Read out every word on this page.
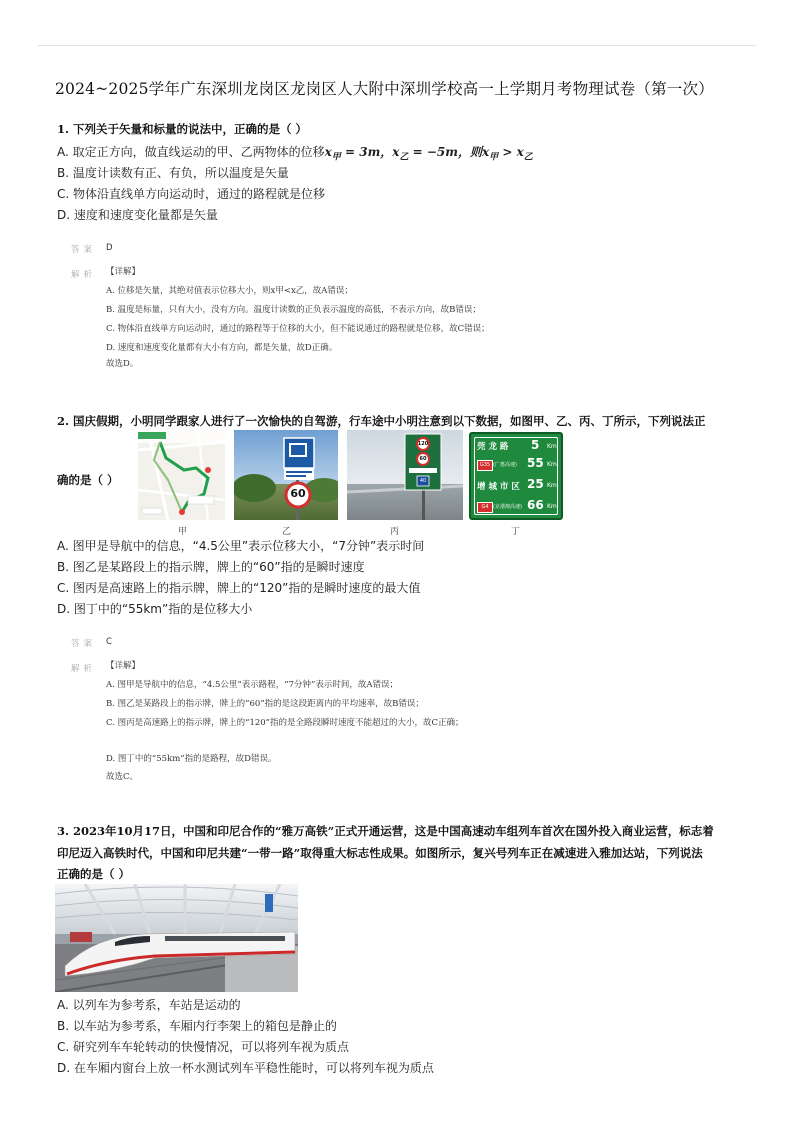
2024~2025学年广东深圳龙岗区龙岗区人大附中深圳学校高一上学期月考物理试卷（第一次）
1. 下列关于矢量和标量的说法中，正确的是（ ）
A. 取定正方向，做直线运动的甲、乙两物体的位移$x_甲 = 3m$，$x_乙 = -5m$，则$x_甲 > x_乙$
B. 温度计读数有正、有负，所以温度是矢量
C. 物体沿直线单方向运动时，通过的路程就是位移
D. 速度和速度变化量都是矢量
答案 D
解析 【详解】
A. 位移是矢量，其绝对值表示位移大小，则x甲<x乙，故A错误；
B. 温度是标量，只有大小，没有方向。温度计读数的正负表示温度的高低，不表示方向，故B错误；
C. 物体沿直线单方向运动时，通过的路程等于位移的大小，但不能说通过的路程就是位移，故C错误；
D. 速度和速度变化量都有大小有方向，都是矢量，故D正确。
故选D。
2. 国庆假期，小明同学跟家人进行了一次愉快的自驾游，行车途中小明注意到以下数据，如图甲、乙、丙、丁所示，下列说法正
确的是（ ）
甲
60
乙
120
60
40
丙
莞 龙 路	5 Km
G35 (广惠高速) 55 Km
增 城 市 区 25 Km
G4 (京港澳高速) 66 Km
丁
A. 图甲是导航中的信息，“4.5公里”表示位移大小，“7分钟”表示时间
B. 图乙是某路段上的指示牌，牌上的“60”指的是瞬时速度
C. 图丙是高速路上的指示牌，牌上的“120”指的是瞬时速度的最大值
D. 图丁中的“55km”指的是位移大小
答案 C
解析 【详解】
A. 图甲是导航中的信息，“4.5公里”表示路程，“7分钟”表示时间，故A错误；
B. 图乙是某路段上的指示牌，牌上的“60”指的是这段距离内的平均速率，故B错误；
C. 图丙是高速路上的指示牌，牌上的“120”指的是全路段瞬时速度不能超过的大小，故C正确；
D. 图丁中的“55km”指的是路程，故D错误。
故选C。
3. 2023年10月17日，中国和印尼合作的“雅万高铁”正式开通运营，这是中国高速动车组列车首次在国外投入商业运营，标志着
印尼迈入高铁时代，中国和印尼共建“一带一路”取得重大标志性成果。如图所示，复兴号列车正在减速进入雅加达站，下列说法
正确的是（ ）
A. 以列车为参考系，车站是运动的
B. 以车站为参考系，车厢内行李架上的箱包是静止的
C. 研究列车车轮转动的快慢情况，可以将列车视为质点
D. 在车厢内窗台上放一杯水测试列车平稳性能时，可以将列车视为质点
